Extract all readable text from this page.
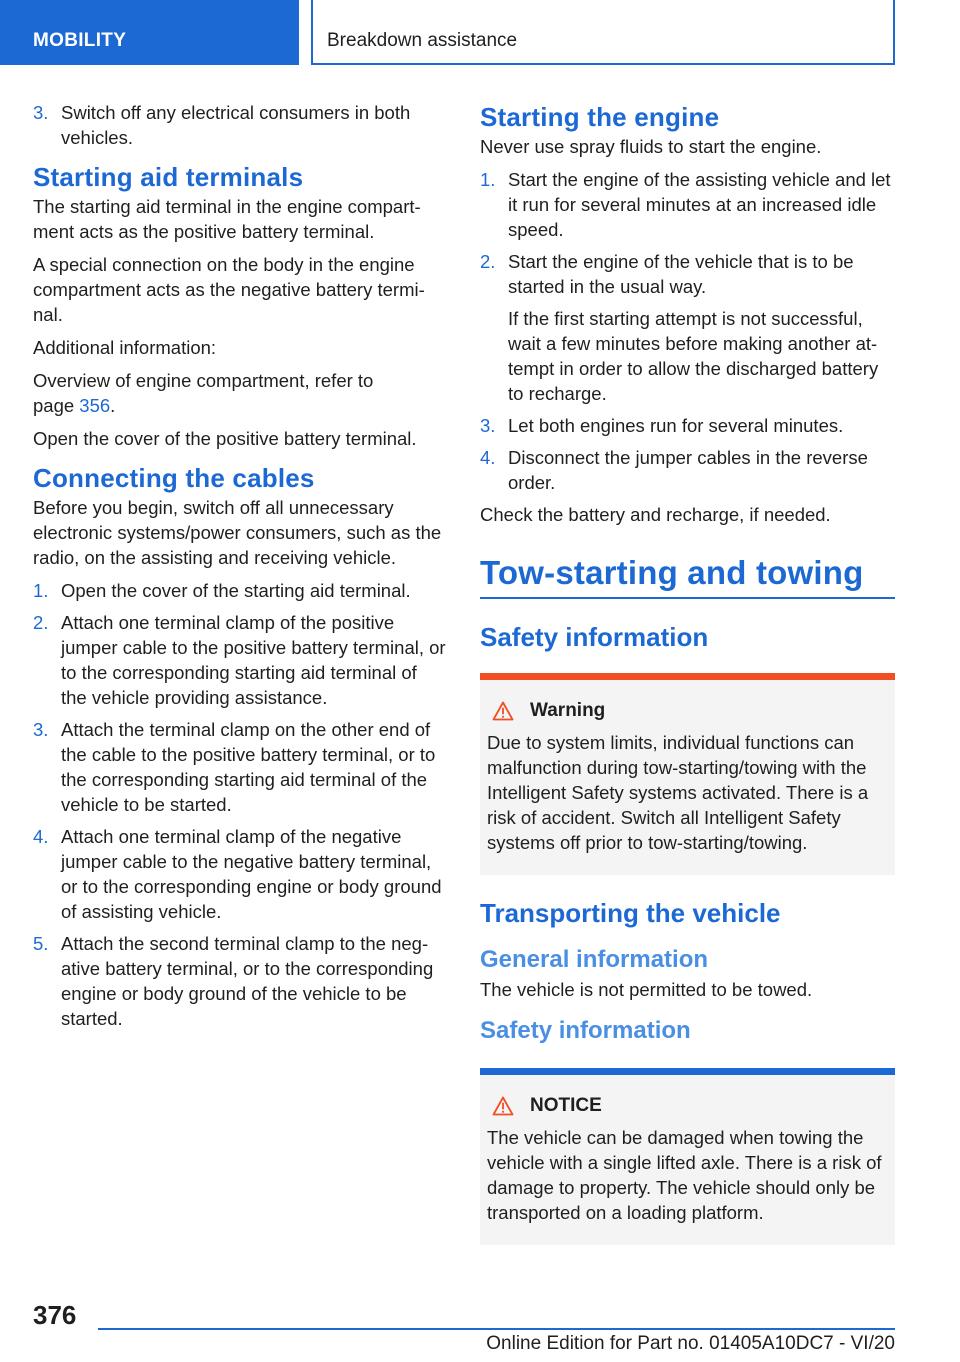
MOBILITY	Breakdown assistance
3. Switch off any electrical consumers in both vehicles.
Starting aid terminals

The starting aid terminal in the engine compart-ment acts as the positive battery terminal.

A special connection on the body in the engine compartment acts as the negative battery termi-nal.

Additional information:

Overview of engine compartment, refer to page 356.

Open the cover of the positive battery terminal.

Connecting the cables

Before you begin, switch off all unnecessary electronic systems/power consumers, such as the radio, on the assisting and receiving vehicle.

1. Open the cover of the starting aid terminal.
2. Attach one terminal clamp of the positive jumper cable to the positive battery terminal, or to the corresponding starting aid terminal of the vehicle providing assistance.
3. Attach the terminal clamp on the other end of the cable to the positive battery terminal, or to the corresponding starting aid terminal of the vehicle to be started.
4. Attach one terminal clamp of the negative jumper cable to the negative battery terminal, or to the corresponding engine or body ground of assisting vehicle.
5. Attach the second terminal clamp to the neg-ative battery terminal, or to the corresponding engine or body ground of the vehicle to be started.
Starting the engine

Never use spray fluids to start the engine.

1. Start the engine of the assisting vehicle and let it run for several minutes at an increased idle speed.
2. Start the engine of the vehicle that is to be started in the usual way.
If the first starting attempt is not successful, wait a few minutes before making another at-tempt in order to allow the discharged battery to recharge.
3. Let both engines run for several minutes.
4. Disconnect the jumper cables in the reverse order.

Check the battery and recharge, if needed.

Tow-starting and towing
Safety information
Warning

Due to system limits, individual functions can malfunction during tow-starting/towing with the Intelligent Safety systems activated. There is a risk of accident. Switch all Intelligent Safety systems off prior to tow-starting/towing.

Transporting the vehicle
General information

The vehicle is not permitted to be towed.

Safety information
NOTICE

The vehicle can be damaged when towing the vehicle with a single lifted axle. There is a risk of damage to property. The vehicle should only be transported on a loading platform.

376
Online Edition for Part no. 01405A10DC7 - VI/20
